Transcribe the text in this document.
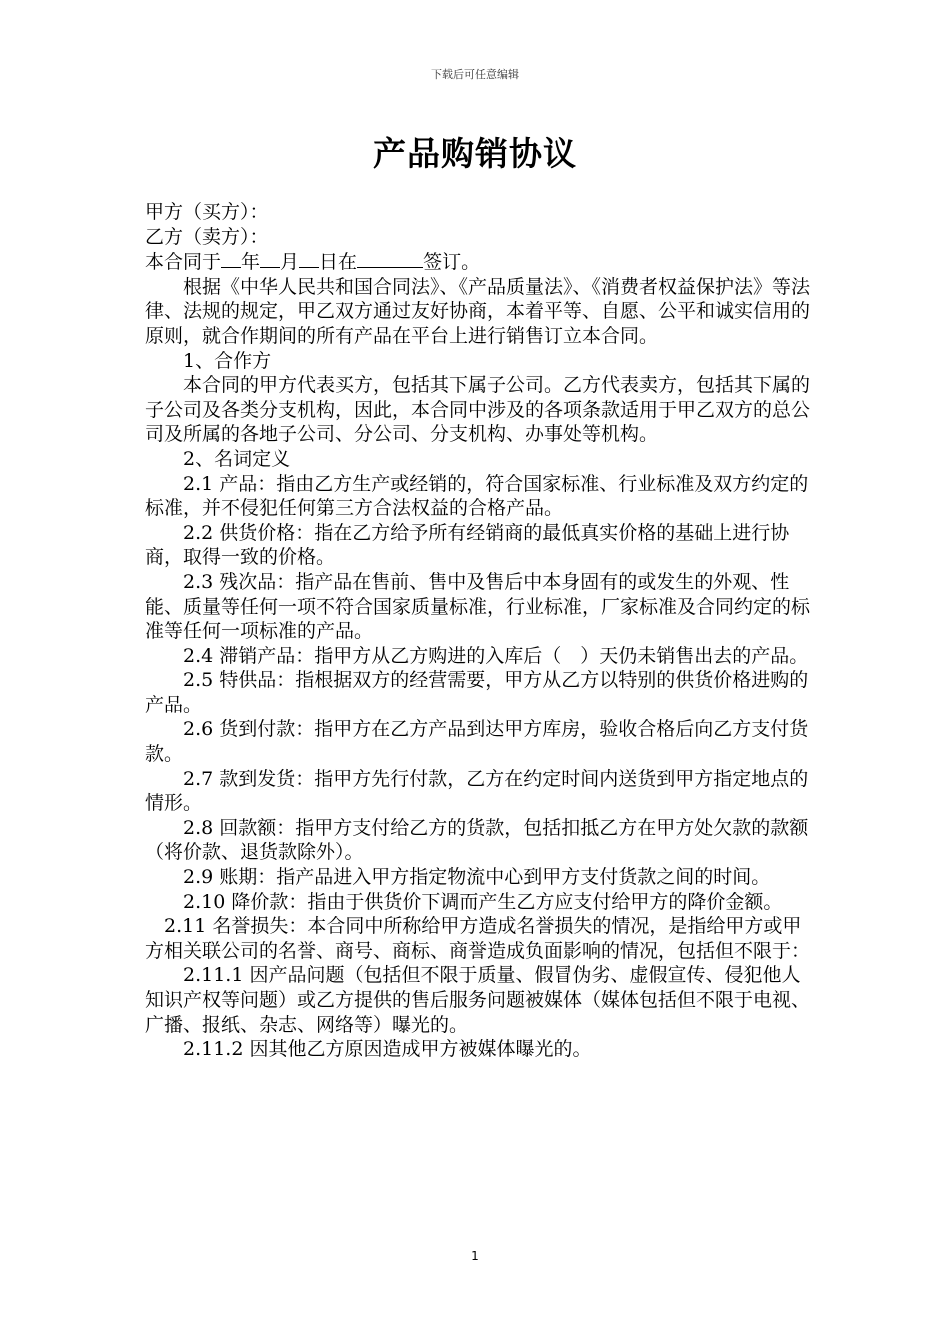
下载后可任意编辑
产品购销协议

甲方（买方）：

乙方（卖方）：

本合同于 年 月 日在	签订。

根据《中华人民共和国合同法》、《产品质量法》、《消费者权益保护法》等法律、法规的规定，甲乙双方通过友好协商，本着平等、自愿、公平和诚实信用的原则，就合作期间的所有产品在平台上进行销售订立本合同。

1、合作方

本合同的甲方代表买方，包括其下属子公司。乙方代表卖方，包括其下属的子公司及各类分支机构，因此，本合同中涉及的各项条款适用于甲乙双方的总公司及所属的各地子公司、分公司、分支机构、办事处等机构。

2、名词定义

2.1 产品：指由乙方生产或经销的，符合国家标准、行业标准及双方约定的标准，并不侵犯任何第三方合法权益的合格产品。

2.2 供货价格：指在乙方给予所有经销商的最低真实价格的基础上进行协商，取得一致的价格。

2.3 残次品：指产品在售前、售中及售后中本身固有的或发生的外观、性能、质量等任何一项不符合国家质量标准，行业标准，厂家标准及合同约定的标准等任何一项标准的产品。

2.4 滞销产品：指甲方从乙方购进的入库后（　）天仍未销售出去的产品。

2.5 特供品：指根据双方的经营需要，甲方从乙方以特别的供货价格进购的产品。

2.6 货到付款：指甲方在乙方产品到达甲方库房，验收合格后向乙方支付货款。

2.7 款到发货：指甲方先行付款，乙方在约定时间内送货到甲方指定地点的情形。

2.8 回款额：指甲方支付给乙方的货款，包括扣抵乙方在甲方处欠款的款额（将价款、退货款除外）。

2.9 账期：指产品进入甲方指定物流中心到甲方支付货款之间的时间。

2.10 降价款：指由于供货价下调而产生乙方应支付给甲方的降价金额。

2.11 名誉损失：本合同中所称给甲方造成名誉损失的情况，是指给甲方或甲方相关联公司的名誉、商号、商标、商誉造成负面影响的情况，包括但不限于：

2.11.1 因产品问题（包括但不限于质量、假冒伪劣、虚假宣传、侵犯他人知识产权等问题）或乙方提供的售后服务问题被媒体（媒体包括但不限于电视、广播、报纸、杂志、网络等）曝光的。

2.11.2 因其他乙方原因造成甲方被媒体曝光的。

1
